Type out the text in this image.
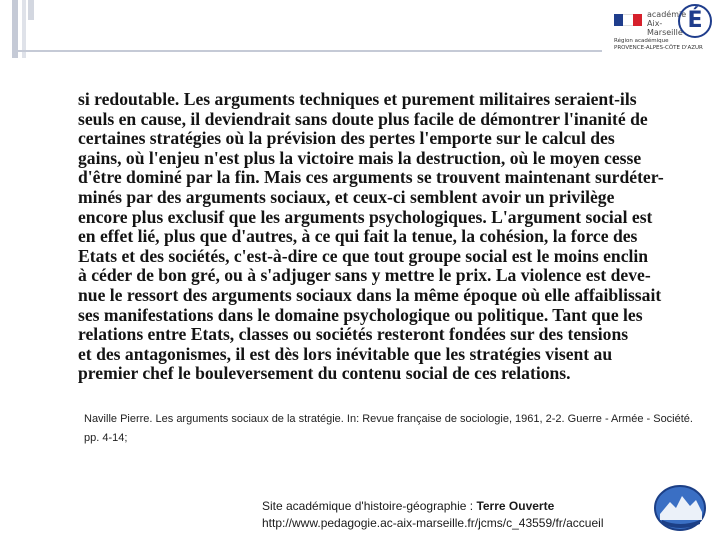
académie Aix-Marseille É
Région académique
PROVENCE-ALPES-CÔTE D'AZUR

si redoutable. Les arguments techniques et purement militaires seraient-ils

seuls en cause, il deviendrait sans doute plus facile de démontrer l'inanité de

certaines stratégies où la prévision des pertes l'emporte sur le calcul des

gains, où l'enjeu n'est plus la victoire mais la destruction, où le moyen cesse

d'être dominé par la fin. Mais ces arguments se trouvent maintenant surdéter-

minés par des arguments sociaux, et ceux-ci semblent avoir un privilège

encore plus exclusif que les arguments psychologiques. L'argument social est

en effet lié, plus que d'autres, à ce qui fait la tenue, la cohésion, la force des

Etats et des sociétés, c'est-à-dire ce que tout groupe social est le moins enclin

à céder de bon gré, ou à s'adjuger sans y mettre le prix. La violence est deve-

nue le ressort des arguments sociaux dans la même époque où elle affaiblissait

ses manifestations dans le domaine psychologique ou politique. Tant que les

relations entre Etats, classes ou sociétés resteront fondées sur des tensions

et des antagonismes, il est dès lors inévitable que les stratégies visent au

premier chef le bouleversement du contenu social de ces relations.

Naville Pierre. Les arguments sociaux de la stratégie. In: Revue française de sociologie, 1961, 2-2. Guerre - Armée - Société.
pp. 4-14;
Site académique d'histoire-géographie : Terre Ouverte
http://www.pedagogie.ac-aix-marseille.fr/jcms/c_43559/fr/accueil
